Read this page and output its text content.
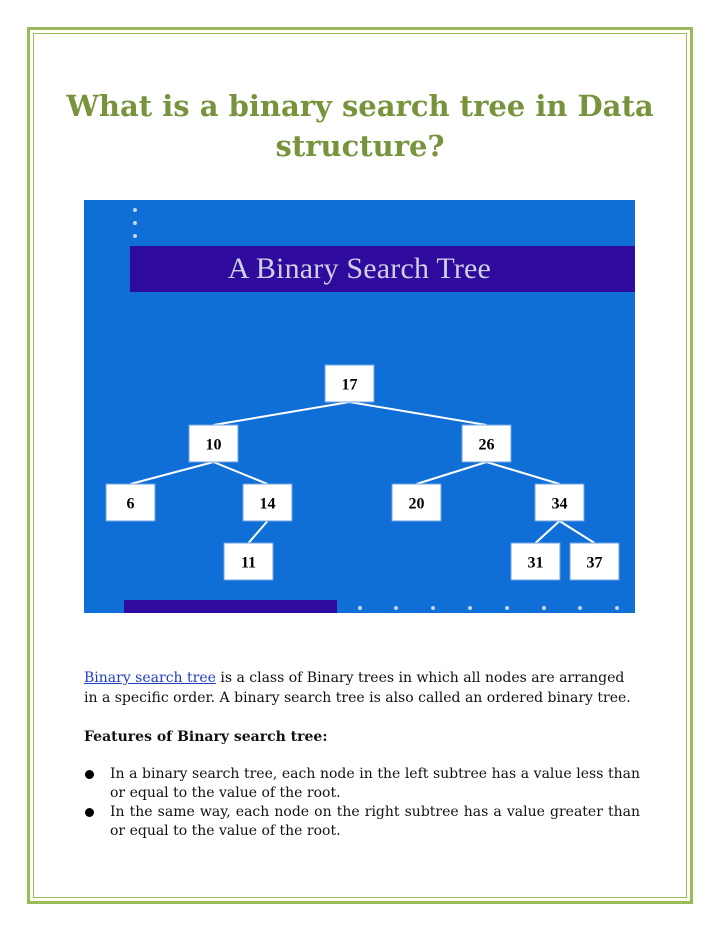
What is a binary search tree in Data structure?
A Binary Search Tree
17
10	26
6	14	20	34
11	31	37

Binary search tree is a class of Binary trees in which all nodes are arranged in a specific order. A binary search tree is also called an ordered binary tree.

Features of Binary search tree:

In a binary search tree, each node in the left subtree has a value less than or equal to the value of the root.
In the same way, each node on the right subtree has a value greater than or equal to the value of the root.
